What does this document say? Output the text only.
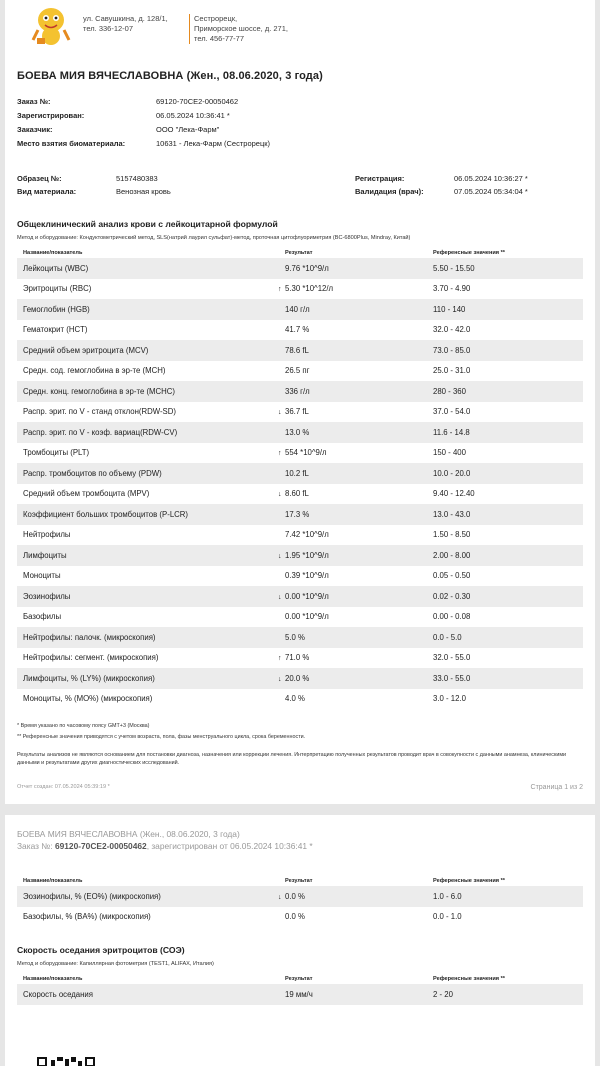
ул. Савушкина, д. 128/1,
тел. 336-12-07
Сестрорецк,
Приморское шоссе, д. 271,
тел. 456-77-77
БОЕВА МИЯ ВЯЧЕСЛАВОВНА (Жен., 08.06.2020, 3 года)
Заказ №:	69120-70CE2-00050462
Зарегистрирован:	06.05.2024 10:36:41 *
Заказчик:	ООО "Лека-Фарм"
Место взятия биоматериала:	10631 - Лека-Фарм (Сестрорецк)
Образец №:	5157480383
Вид материала:	Венозная кровь
Регистрация:	06.05.2024 10:36:27 *
Валидация (врач):	07.05.2024 05:34:04 *
Общеклинический анализ крови с лейкоцитарной формулой
Метод и оборудование: Кондуктометрический метод, SLS(натрий лаурил сульфат)-метод, проточная цитофлуориметрия (BC-6800Plus, Mindray, Китай)
Название/показатель	Результат	Референсные значения **
Лейкоциты (WBC)	9.76 *10^9/л	5.50 - 15.50
Эритроциты (RBC)	↑ 5.30 *10^12/л	3.70 - 4.90
Гемоглобин (HGB)	140 г/л	110 - 140
Гематокрит (HCT)	41.7 %	32.0 - 42.0
Средний объем эритроцита (MCV)	78.6 fL	73.0 - 85.0
Средн. сод. гемоглобина в эр-те (MCH)	26.5 пг	25.0 - 31.0
Средн. конц. гемоглобина в эр-те (MCHC)	336 г/л	280 - 360
Распр. эрит. по V - станд отклон(RDW-SD)	↓ 36.7 fL	37.0 - 54.0
Распр. эрит. по V - коэф. вариац(RDW-CV)	13.0 %	11.6 - 14.8
Тромбоциты (PLT)	↑ 554 *10^9/л	150 - 400
Распр. тромбоцитов по объему (PDW)	10.2 fL	10.0 - 20.0
Средний объем тромбоцита (MPV)	↓ 8.60 fL	9.40 - 12.40
Коэффициент больших тромбоцитов (P-LCR)	17.3 %	13.0 - 43.0
Нейтрофилы	7.42 *10^9/л	1.50 - 8.50
Лимфоциты	↓ 1.95 *10^9/л	2.00 - 8.00
Моноциты	0.39 *10^9/л	0.05 - 0.50
Эозинофилы	↓ 0.00 *10^9/л	0.02 - 0.30
Базофилы	0.00 *10^9/л	0.00 - 0.08
Нейтрофилы: палочк. (микроскопия)	5.0 %	0.0 - 5.0
Нейтрофилы: сегмент. (микроскопия)	↑ 71.0 %	32.0 - 55.0
Лимфоциты, % (LY%) (микроскопия)	↓ 20.0 %	33.0 - 55.0
Моноциты, % (MO%) (микроскопия)	4.0 %	3.0 - 12.0
* Время указано по часовому поясу GMT+3 (Москва)
** Референсные значения приводятся с учетом возраста, пола, фазы менструального цикла, срока беременности.
Результаты анализов не являются основанием для постановки диагноза, назначения или коррекции лечения. Интерпретацию полученных результатов проводит врач в совокупности с данными анамнеза, клиническими данными и результатами других диагностических исследований.
Отчет создан: 07.05.2024 05:39:19 *	Страница 1 из 2
БОЕВА МИЯ ВЯЧЕСЛАВОВНА (Жен., 08.06.2020, 3 года)
Заказ №: 69120-70CE2-00050462, зарегистрирован от 06.05.2024 10:36:41 *
Название/показатель	Результат	Референсные значения **
Эозинофилы, % (EO%) (микроскопия)	↓ 0.0 %	1.0 - 6.0
Базофилы, % (BA%) (микроскопия)	0.0 %	0.0 - 1.0
Скорость оседания эритроцитов (СОЭ)
Метод и оборудование: Капиллярная фотометрия (TEST1, ALIFAX, Италия)
Название/показатель	Результат	Референсные значения **
Скорость оседания	19 мм/ч	2 - 20
